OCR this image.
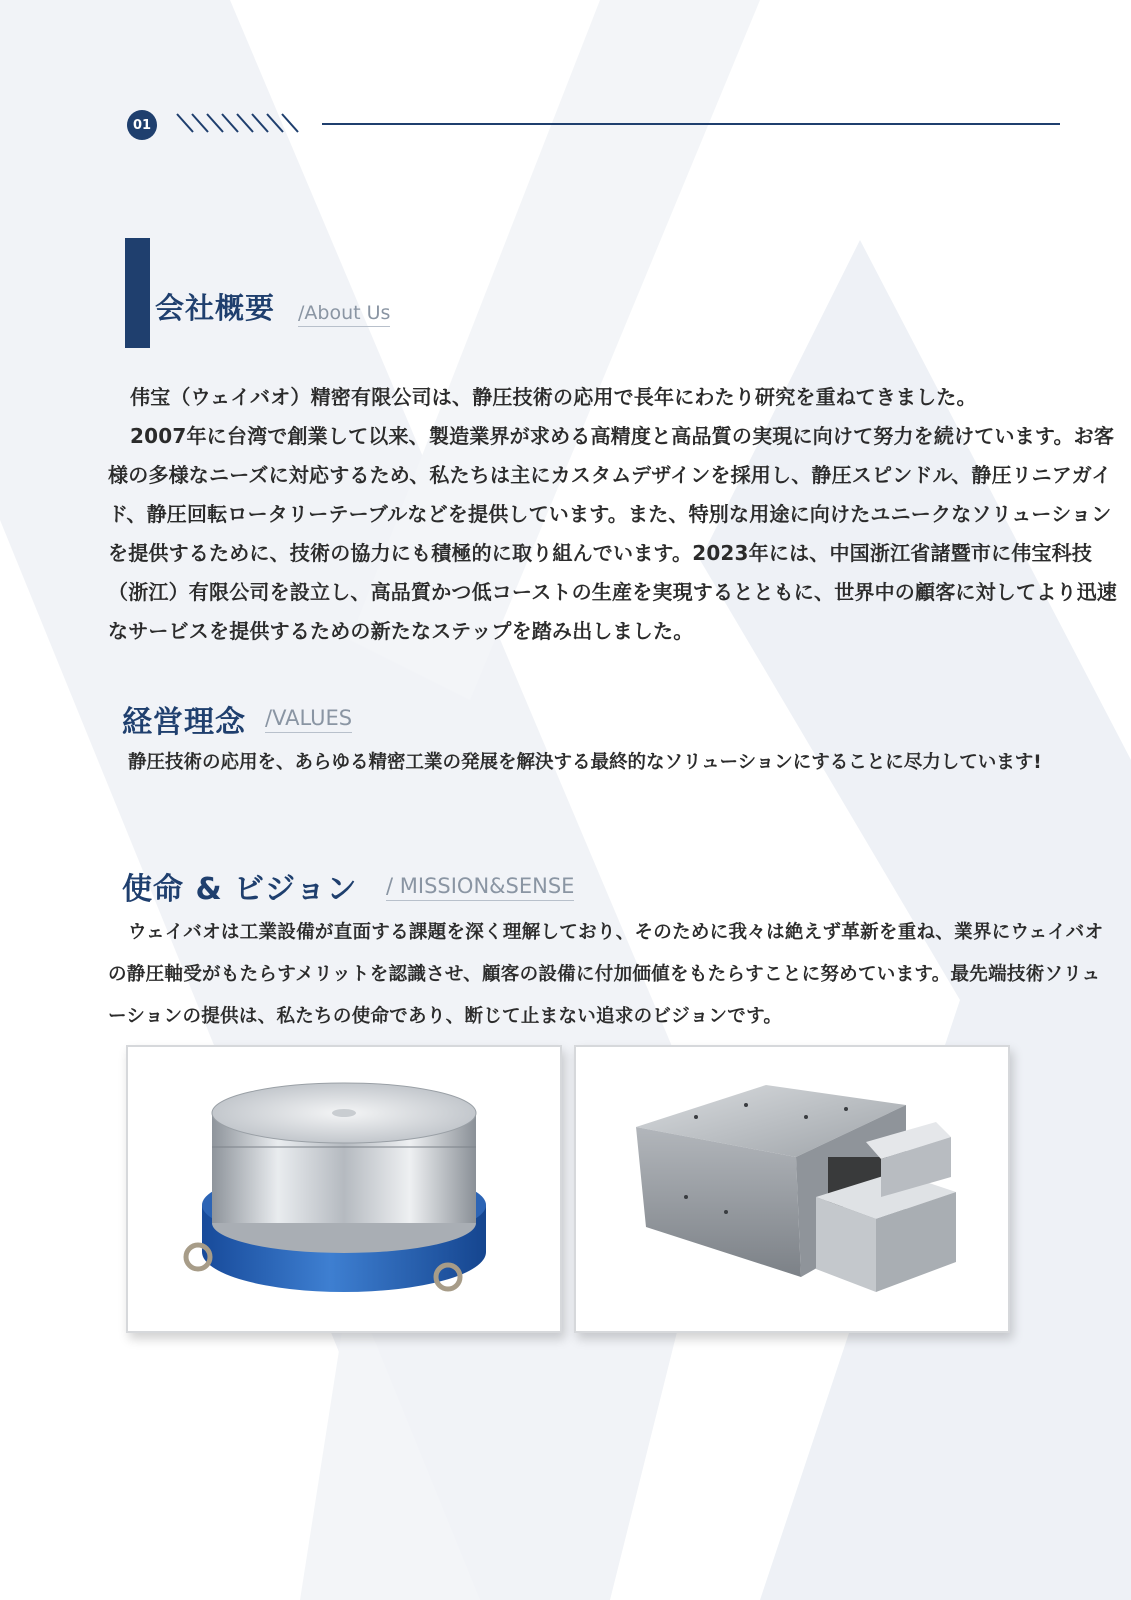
01
会社概要 /About Us

伟宝（ウェイバオ）精密有限公司は、静圧技術の応用で長年にわたり研究を重ねてきました。

2007年に台湾で創業して以来、製造業界が求める高精度と高品質の実現に向けて努力を続けています。お客様の多様なニーズに対応するため、私たちは主にカスタムデザインを採用し、静圧スピンドル、静圧リニアガイド、静圧回転ロータリーテーブルなどを提供しています。また、特別な用途に向けたユニークなソリューションを提供するために、技術の協力にも積極的に取り組んでいます。2023年には、中国浙江省諸暨市に伟宝科技（浙江）有限公司を設立し、高品質かつ低コーストの生産を実現するとともに、世界中の顧客に対してより迅速なサービスを提供するための新たなステップを踏み出しました。

経営理念 /VALUES
静圧技術の応用を、あらゆる精密工業の発展を解決する最終的なソリューションにすることに尽力しています!
使命 & ビジョン / MISSION&SENSE
ウェイバオは工業設備が直面する課題を深く理解しており、そのために我々は絶えず革新を重ね、業界にウェイバオの静圧軸受がもたらすメリットを認識させ、顧客の設備に付加価値をもたらすことに努めています。最先端技術ソリューションの提供は、私たちの使命であり、断じて止まない追求のビジョンです。
